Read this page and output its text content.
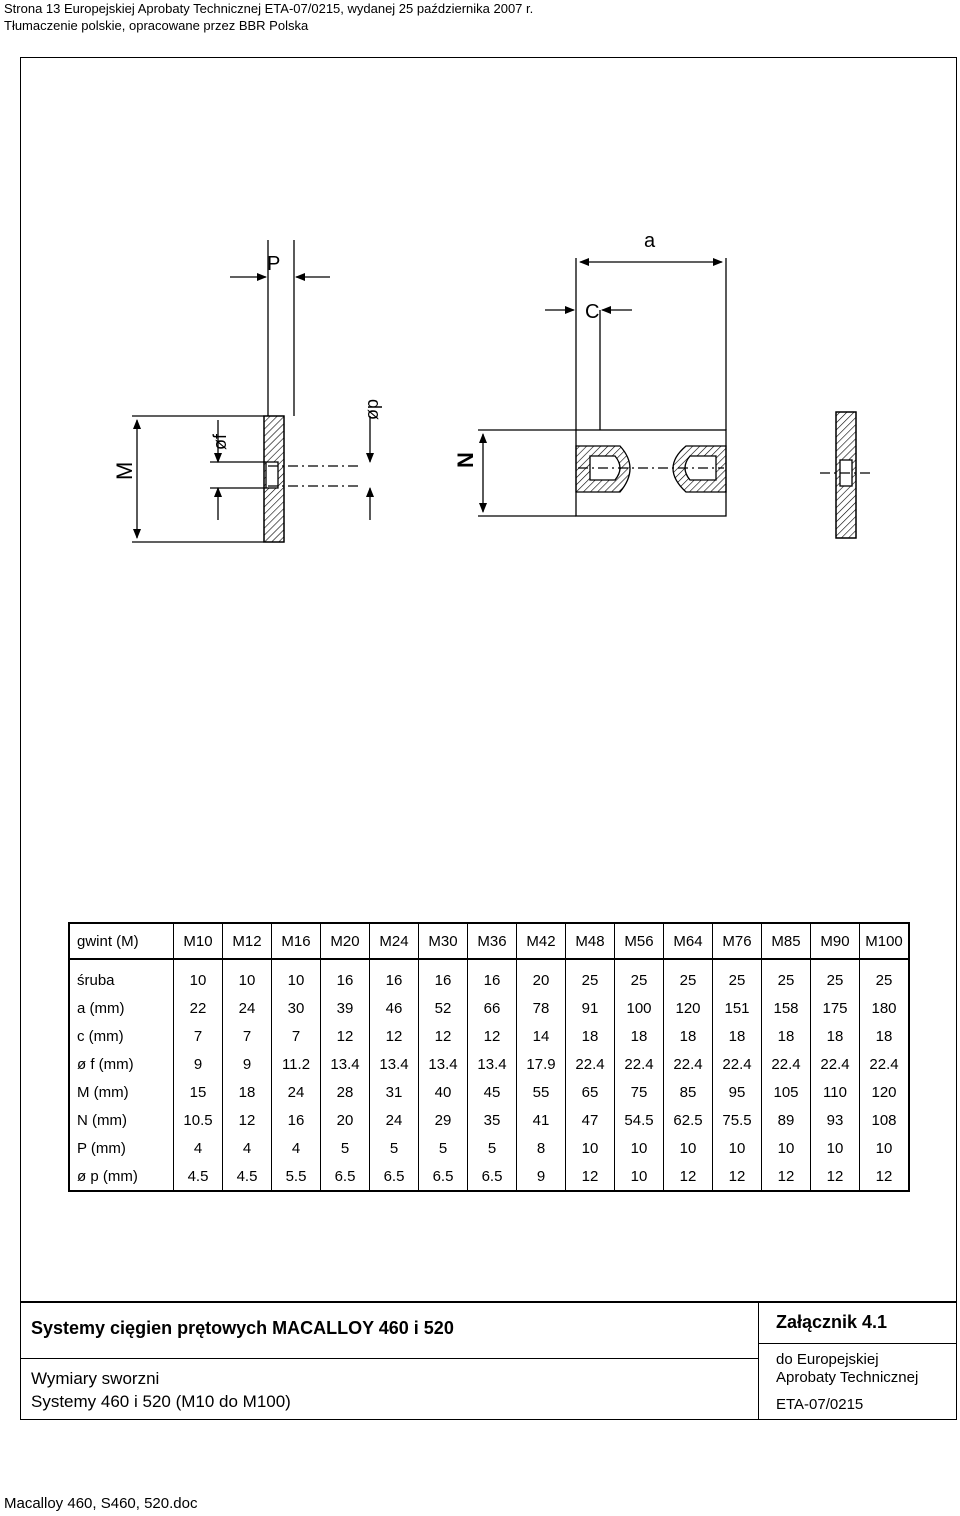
Strona 13 Europejskiej Aprobaty Technicznej ETA-07/0215, wydanej 25 października 2007 r.
Tłumaczenie polskie, opracowane przez BBR Polska
P
M
øf
øp
a
C
N
gwint (M)	M10	M12	M16	M20	M24	M30	M36	M42	M48	M56	M64	M76	M85	M90	M100
śruba	10	10	10	16	16	16	16	20	25	25	25	25	25	25	25
a (mm)	22	24	30	39	46	52	66	78	91	100	120	151	158	175	180
c (mm)	7	7	7	12	12	12	12	14	18	18	18	18	18	18	18
ø f (mm)	9	9	11.2	13.4	13.4	13.4	13.4	17.9	22.4	22.4	22.4	22.4	22.4	22.4	22.4
M (mm)	15	18	24	28	31	40	45	55	65	75	85	95	105	110	120
N (mm)	10.5	12	16	20	24	29	35	41	47	54.5	62.5	75.5	89	93	108
P (mm)	4	4	4	5	5	5	5	8	10	10	10	10	10	10	10
ø p (mm)	4.5	4.5	5.5	6.5	6.5	6.5	6.5	9	12	10	12	12	12	12	12
Systemy cięgien prętowych MACALLOY 460 i 520
Wymiary sworzni
Systemy 460 i 520 (M10 do M100)
Załącznik 4.1
do Europejskiej
Aprobaty Technicznej
ETA-07/0215
Macalloy 460, S460, 520.doc
